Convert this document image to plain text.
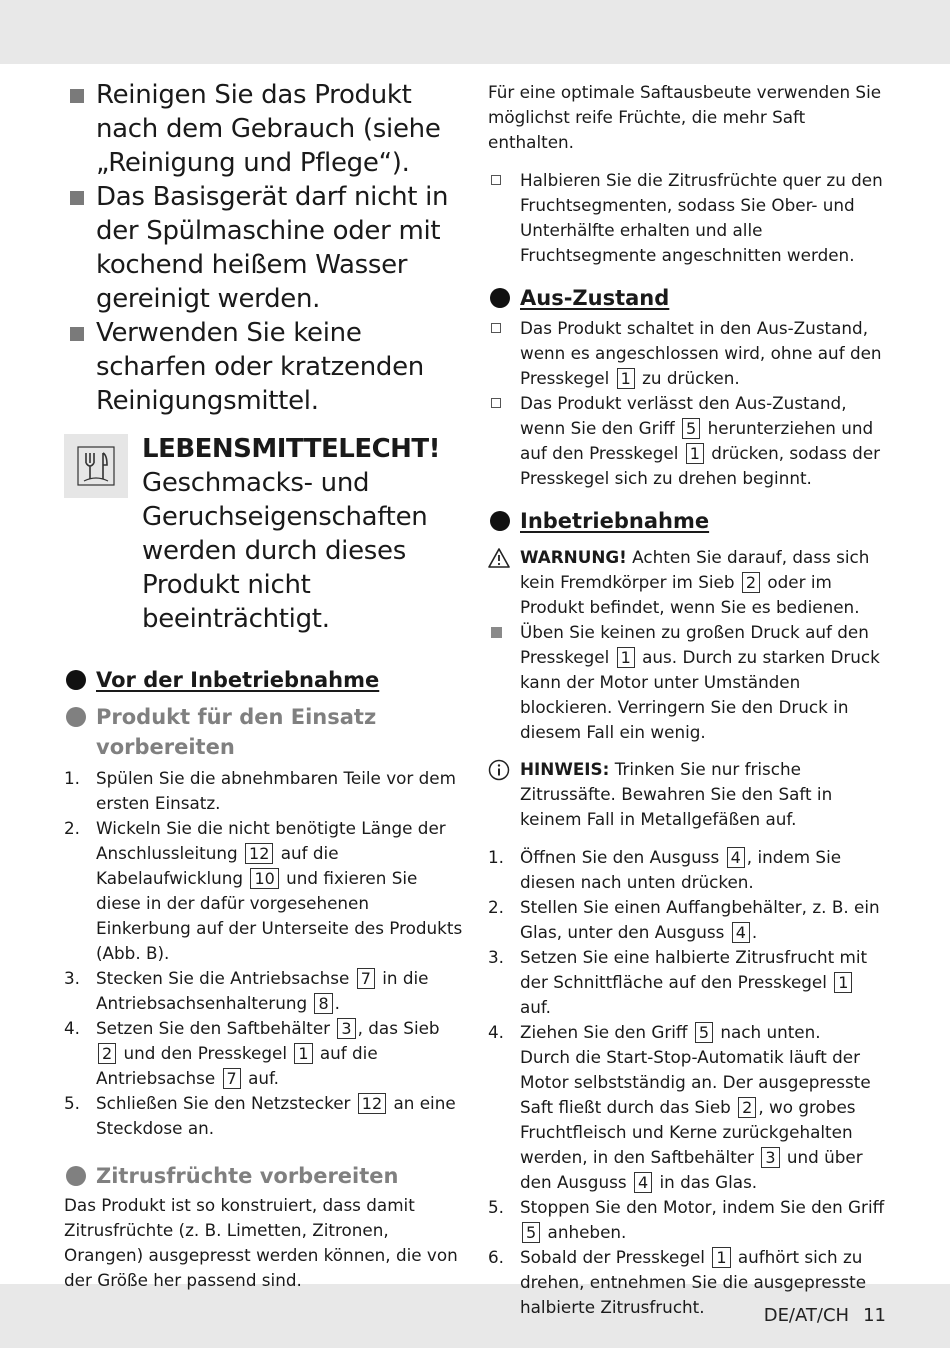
DE/AT/CH 11
Reinigen Sie das Produkt nach dem Gebrauch (siehe „Reinigung und Pflege“).
Das Basisgerät darf nicht in der Spülmaschine oder mit kochend heißem Wasser gereinigt werden.
Verwenden Sie keine scharfen oder kratzenden Reinigungsmittel.
LEBENSMITTELECHT!
Geschmacks- und Geruchseigenschaften werden durch dieses Produkt nicht beeinträchtigt.
Vor der Inbetriebnahme
Produkt für den Einsatz vorbereiten
1. Spülen Sie die abnehmbaren Teile vor dem ersten Einsatz.
2. Wickeln Sie die nicht benötigte Länge der Anschlussleitung 12 auf die Kabelaufwicklung 10 und fixieren Sie diese in der dafür vorgesehenen Einkerbung auf der Unterseite des Produkts (Abb. B).
3. Stecken Sie die Antriebsachse 7 in die Antriebsachsenhalterung 8 .
4. Setzen Sie den Saftbehälter 3 , das Sieb 2 und den Presskegel 1 auf die Antriebsachse 7 auf.
5. Schließen Sie den Netzstecker 12 an eine Steckdose an.
Zitrusfrüchte vorbereiten
Das Produkt ist so konstruiert, dass damit Zitrusfrüchte (z. B. Limetten, Zitronen, Orangen) ausgepresst werden können, die von der Größe her passend sind.
Für eine optimale Saftausbeute verwenden Sie möglichst reife Früchte, die mehr Saft enthalten.
Halbieren Sie die Zitrusfrüchte quer zu den Fruchtsegmenten, sodass Sie Ober- und Unterhälfte erhalten und alle Fruchtsegmente angeschnitten werden.
Aus-Zustand
Das Produkt schaltet in den Aus-Zustand, wenn es angeschlossen wird, ohne auf den Presskegel 1 zu drücken.
Das Produkt verlässt den Aus-Zustand, wenn Sie den Griff 5 herunterziehen und auf den Presskegel 1 drücken, sodass der Presskegel sich zu drehen beginnt.
Inbetriebnahme
WARNUNG! Achten Sie darauf, dass sich kein Fremdkörper im Sieb 2 oder im Produkt befindet, wenn Sie es bedienen.
Üben Sie keinen zu großen Druck auf den Presskegel 1 aus. Durch zu starken Druck kann der Motor unter Umständen blockieren. Verringern Sie den Druck in diesem Fall ein wenig.
HINWEIS: Trinken Sie nur frische Zitrussäfte. Bewahren Sie den Saft in keinem Fall in Metallgefäßen auf.
1. Öffnen Sie den Ausguss 4 , indem Sie diesen nach unten drücken.
2. Stellen Sie einen Auffangbehälter, z. B. ein Glas, unter den Ausguss 4 .
3. Setzen Sie eine halbierte Zitrusfrucht mit der Schnittfläche auf den Presskegel 1 auf.
4. Ziehen Sie den Griff 5 nach unten.
Durch die Start-Stop-Automatik läuft der Motor selbstständig an. Der ausgepresste Saft fließt durch das Sieb 2 , wo grobes Fruchtfleisch und Kerne zurückgehalten werden, in den Saftbehälter 3 und über den Ausguss 4 in das Glas.
5. Stoppen Sie den Motor, indem Sie den Griff 5 anheben.
6. Sobald der Presskegel 1 aufhört sich zu drehen, entnehmen Sie die ausgepresste halbierte Zitrusfrucht.
